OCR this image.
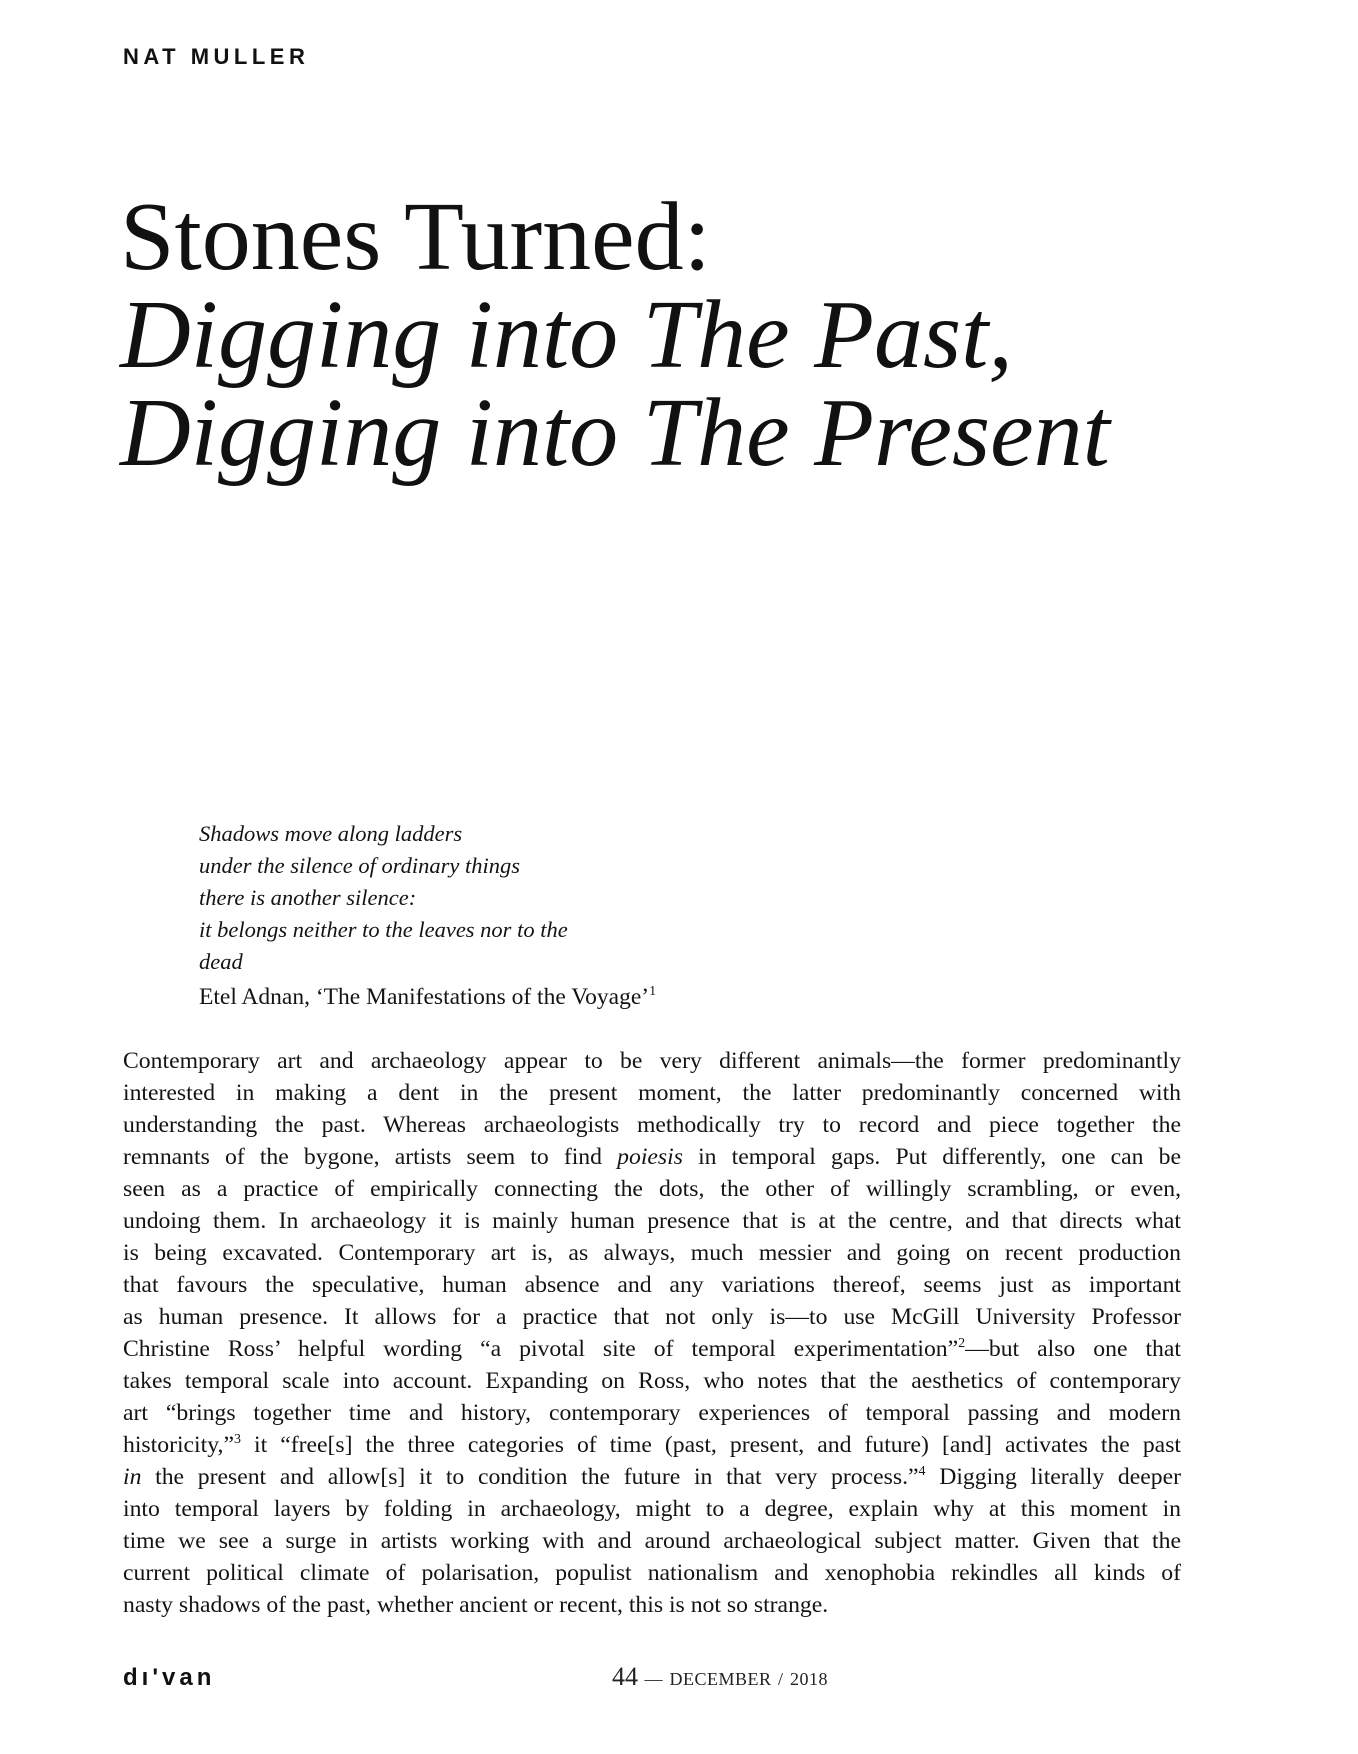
NAT MULLER
Stones Turned:
Digging into The Past,
Digging into The Present
Shadows move along ladders
under the silence of ordinary things
there is another silence:
it belongs neither to the leaves nor to the
dead
Etel Adnan, ‘The Manifestations of the Voyage’$^1$
Contemporary art and archaeology appear to be very different animals—the former predominantly
interested in making a dent in the present moment, the latter predominantly concerned with
understanding the past. Whereas archaeologists methodically try to record and piece together the
remnants of the bygone, artists seem to find poiesis in temporal gaps. Put differently, one can be
seen as a practice of empirically connecting the dots, the other of willingly scrambling, or even,
undoing them. In archaeology it is mainly human presence that is at the centre, and that directs what
is being excavated. Contemporary art is, as always, much messier and going on recent production
that favours the speculative, human absence and any variations thereof, seems just as important
as human presence. It allows for a practice that not only is—to use McGill University Professor
Christine Ross’ helpful wording “a pivotal site of temporal experimentation”$^2$—but also one that
takes temporal scale into account. Expanding on Ross, who notes that the aesthetics of contemporary
art “brings together time and history, contemporary experiences of temporal passing and modern
historicity,”$^3$ it “free[s] the three categories of time (past, present, and future) [and] activates the past
in the present and allow[s] it to condition the future in that very process.”$^4$ Digging literally deeper
into temporal layers by folding in archaeology, might to a degree, explain why at this moment in
time we see a surge in artists working with and around archaeological subject matter. Given that the
current political climate of polarisation, populist nationalism and xenophobia rekindles all kinds of
nasty shadows of the past, whether ancient or recent, this is not so strange.
dı'van	44 — DECEMBER / 2018
